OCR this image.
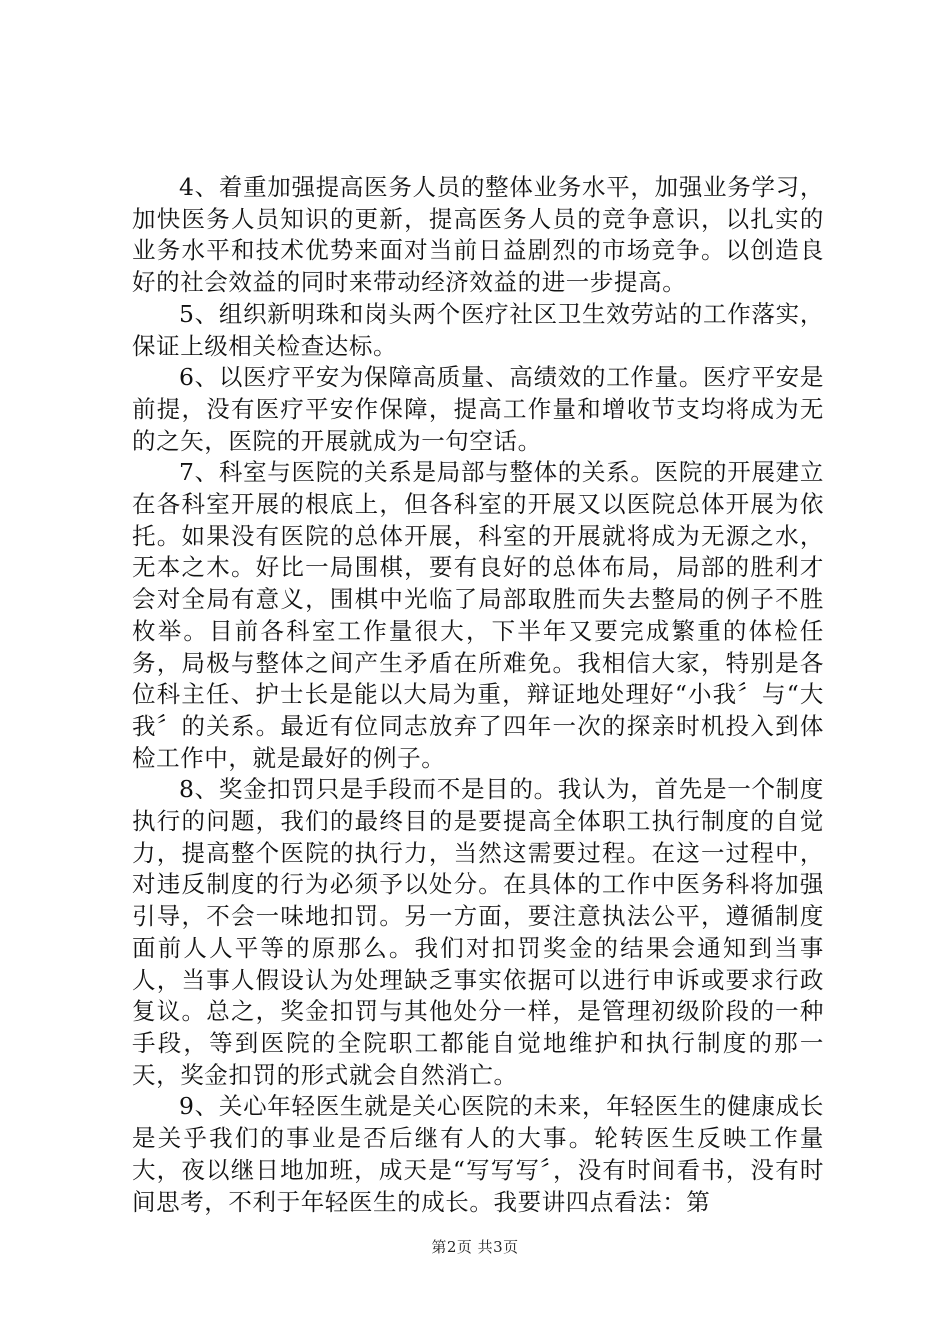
4、着重加强提高医务人员的整体业务水平，加强业务学习，加快医务人员知识的更新，提高医务人员的竞争意识，以扎实的业务水平和技术优势来面对当前日益剧烈的市场竞争。以创造良好的社会效益的同时来带动经济效益的进一步提高。

5、组织新明珠和岗头两个医疗社区卫生效劳站的工作落实，保证上级相关检查达标。

6、以医疗平安为保障高质量、高绩效的工作量。医疗平安是前提，没有医疗平安作保障，提高工作量和增收节支均将成为无的之矢，医院的开展就成为一句空话。

7、科室与医院的关系是局部与整体的关系。医院的开展建立在各科室开展的根底上，但各科室的开展又以医院总体开展为依托。如果没有医院的总体开展，科室的开展就将成为无源之水，无本之木。好比一局围棋，要有良好的总体布局，局部的胜利才会对全局有意义，围棋中光临了局部取胜而失去整局的例子不胜枚举。目前各科室工作量很大，下半年又要完成繁重的体检任务，局极与整体之间产生矛盾在所难免。我相信大家，特别是各位科主任、护士长是能以大局为重，辩证地处理好“小我〞与“大我〞的关系。最近有位同志放弃了四年一次的探亲时机投入到体检工作中，就是最好的例子。

8、奖金扣罚只是手段而不是目的。我认为，首先是一个制度执行的问题，我们的最终目的是要提高全体职工执行制度的自觉力，提高整个医院的执行力，当然这需要过程。在这一过程中，对违反制度的行为必须予以处分。在具体的工作中医务科将加强引导，不会一味地扣罚。另一方面，要注意执法公平，遵循制度面前人人平等的原那么。我们对扣罚奖金的结果会通知到当事人，当事人假设认为处理缺乏事实依据可以进行申诉或要求行政复议。总之，奖金扣罚与其他处分一样，是管理初级阶段的一种手段，等到医院的全院职工都能自觉地维护和执行制度的那一天，奖金扣罚的形式就会自然消亡。

9、关心年轻医生就是关心医院的未来，年轻医生的健康成长是关乎我们的事业是否后继有人的大事。轮转医生反映工作量大，夜以继日地加班，成天是“写写写〞，没有时间看书，没有时间思考，不利于年轻医生的成长。我要讲四点看法：第

第2页 共3页
